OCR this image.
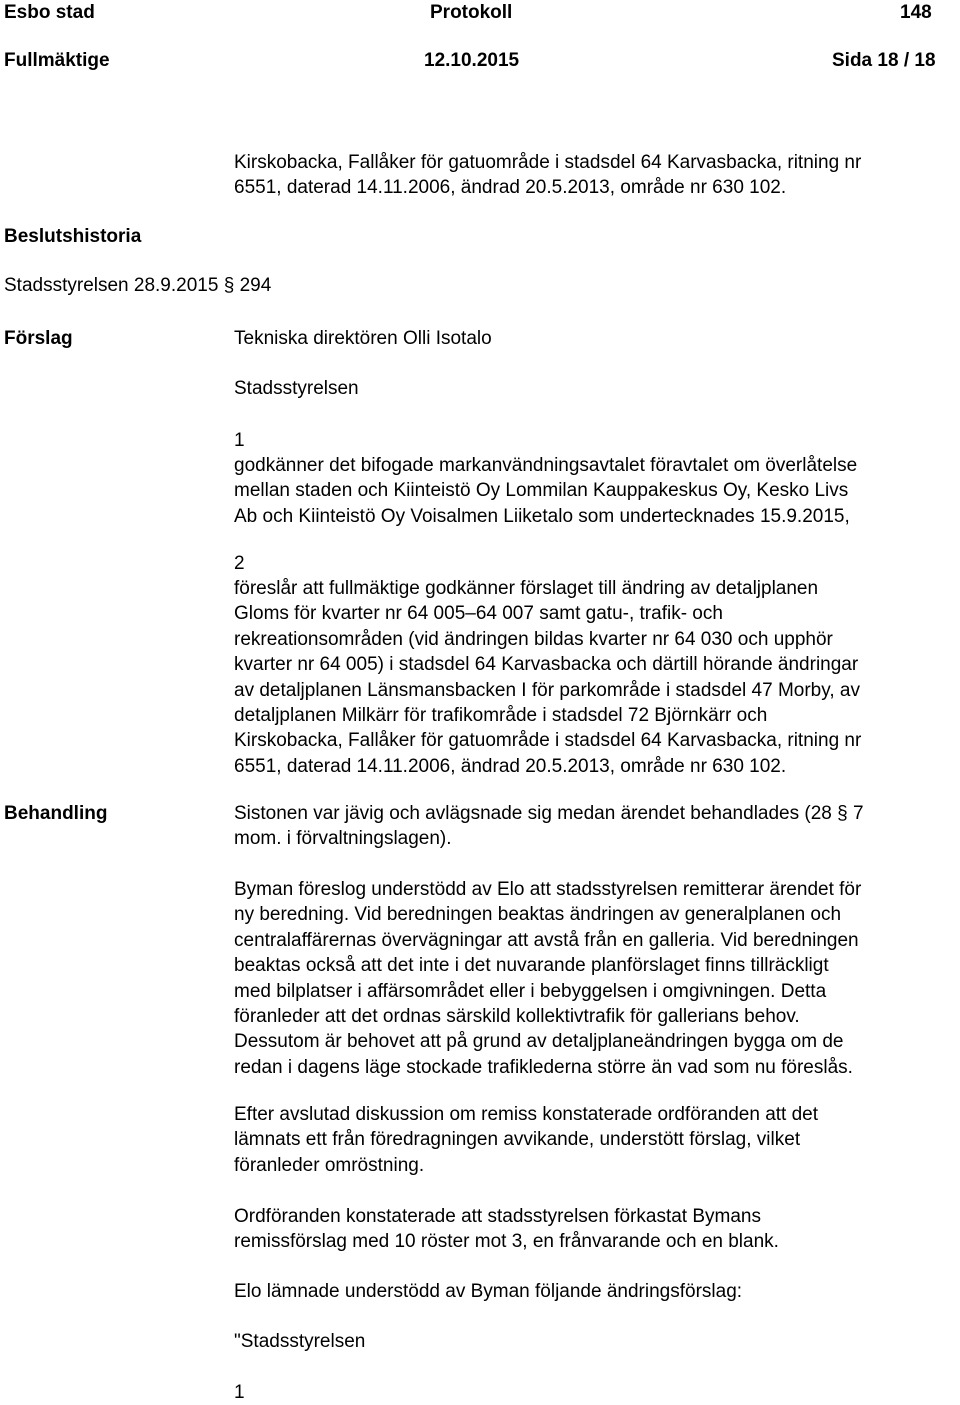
Esbo stad	Protokoll	148
Fullmäktige	12.10.2015	Sida 18 / 18
Kirskobacka, Fallåker för gatuområde i stadsdel 64 Karvasbacka, ritning nr
6551, daterad 14.11.2006, ändrad 20.5.2013, område nr 630 102.
Beslutshistoria
Stadsstyrelsen 28.9.2015 § 294
Förslag	Tekniska direktören Olli Isotalo
Stadsstyrelsen
1
godkänner det bifogade markanvändningsavtalet föravtalet om överlåtelse
mellan staden och Kiinteistö Oy Lommilan Kauppakeskus Oy, Kesko Livs
Ab och Kiinteistö Oy Voisalmen Liiketalo som undertecknades 15.9.2015,
2
föreslår att fullmäktige godkänner förslaget till ändring av detaljplanen
Gloms för kvarter nr 64 005–64 007 samt gatu-, trafik- och
rekreationsområden (vid ändringen bildas kvarter nr 64 030 och upphör
kvarter nr 64 005) i stadsdel 64 Karvasbacka och därtill hörande ändringar
av detaljplanen Länsmansbacken I för parkområde i stadsdel 47 Morby, av
detaljplanen Milkärr för trafikområde i stadsdel 72 Björnkärr och
Kirskobacka, Fallåker för gatuområde i stadsdel 64 Karvasbacka, ritning nr
6551, daterad 14.11.2006, ändrad 20.5.2013, område nr 630 102.
Behandling	Sistonen var jävig och avlägsnade sig medan ärendet behandlades (28 § 7
mom. i förvaltningslagen).
Byman föreslog understödd av Elo att stadsstyrelsen remitterar ärendet för
ny beredning. Vid beredningen beaktas ändringen av generalplanen och
centralaffärernas övervägningar att avstå från en galleria. Vid beredningen
beaktas också att det inte i det nuvarande planförslaget finns tillräckligt
med bilplatser i affärsområdet eller i bebyggelsen i omgivningen. Detta
föranleder att det ordnas särskild kollektivtrafik för gallerians behov.
Dessutom är behovet att på grund av detaljplaneändringen bygga om de
redan i dagens läge stockade trafiklederna större än vad som nu föreslås.
Efter avslutad diskussion om remiss konstaterade ordföranden att det
lämnats ett från föredragningen avvikande, understött förslag, vilket
föranleder omröstning.
Ordföranden konstaterade att stadsstyrelsen förkastat Bymans
remissförslag med 10 röster mot 3, en frånvarande och en blank.
Elo lämnade understödd av Byman följande ändringsförslag:
"Stadsstyrelsen
1
